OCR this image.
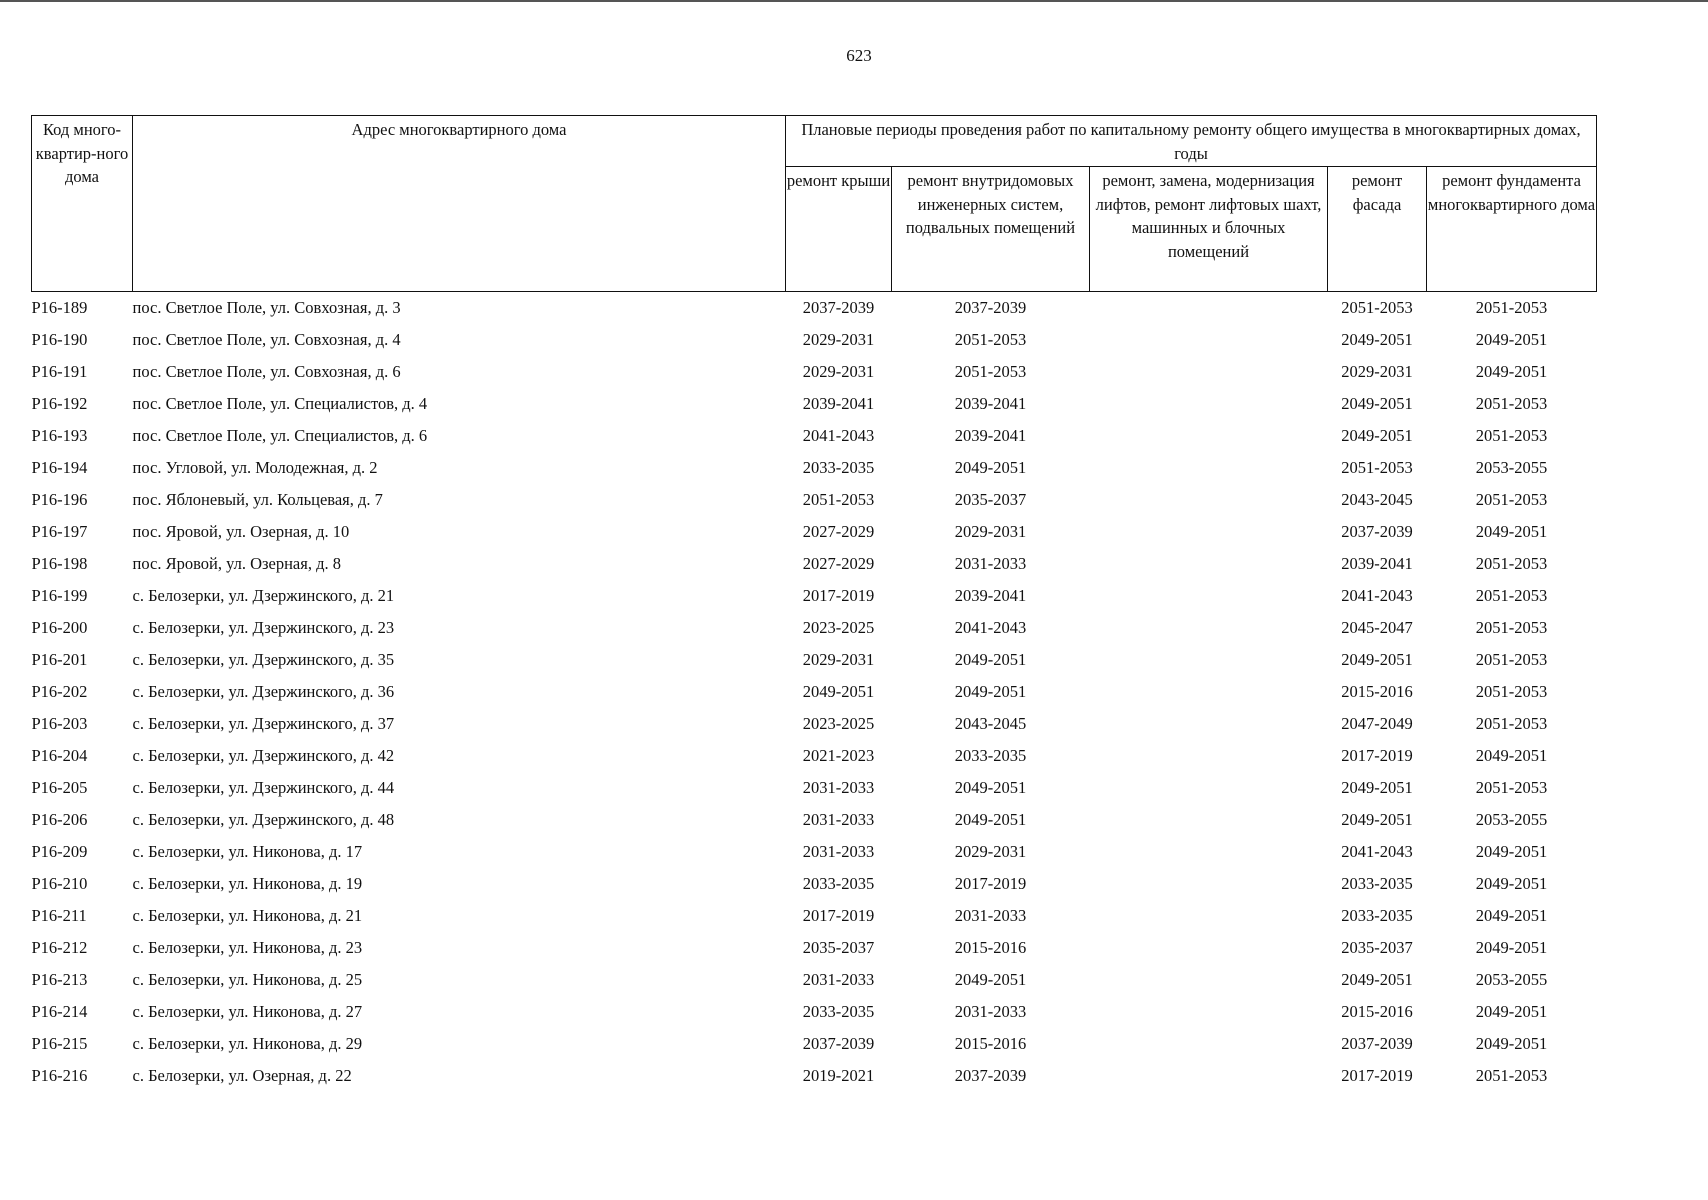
623
Код много-квартир-ного дома	Адрес многоквартирного дома	Плановые периоды проведения работ по капитальному ремонту общего имущества в многоквартирных домах, годы				
		ремонт крыши	ремонт внутридомовых инженерных систем, подвальных помещений	ремонт, замена, модернизация лифтов, ремонт лифтовых шахт, машинных и блочных помещений	ремонт фасада	ремонт фундамента многоквартирного дома
Р16-189	пос. Светлое Поле, ул. Совхозная, д. 3	2037-2039	2037-2039		2051-2053	2051-2053
Р16-190	пос. Светлое Поле, ул. Совхозная, д. 4	2029-2031	2051-2053		2049-2051	2049-2051
Р16-191	пос. Светлое Поле, ул. Совхозная, д. 6	2029-2031	2051-2053		2029-2031	2049-2051
Р16-192	пос. Светлое Поле, ул. Специалистов, д. 4	2039-2041	2039-2041		2049-2051	2051-2053
Р16-193	пос. Светлое Поле, ул. Специалистов, д. 6	2041-2043	2039-2041		2049-2051	2051-2053
Р16-194	пос. Угловой, ул. Молодежная, д. 2	2033-2035	2049-2051		2051-2053	2053-2055
Р16-196	пос. Яблоневый, ул. Кольцевая, д. 7	2051-2053	2035-2037		2043-2045	2051-2053
Р16-197	пос. Яровой, ул. Озерная, д. 10	2027-2029	2029-2031		2037-2039	2049-2051
Р16-198	пос. Яровой, ул. Озерная, д. 8	2027-2029	2031-2033		2039-2041	2051-2053
Р16-199	с. Белозерки, ул. Дзержинского, д. 21	2017-2019	2039-2041		2041-2043	2051-2053
Р16-200	с. Белозерки, ул. Дзержинского, д. 23	2023-2025	2041-2043		2045-2047	2051-2053
Р16-201	с. Белозерки, ул. Дзержинского, д. 35	2029-2031	2049-2051		2049-2051	2051-2053
Р16-202	с. Белозерки, ул. Дзержинского, д. 36	2049-2051	2049-2051		2015-2016	2051-2053
Р16-203	с. Белозерки, ул. Дзержинского, д. 37	2023-2025	2043-2045		2047-2049	2051-2053
Р16-204	с. Белозерки, ул. Дзержинского, д. 42	2021-2023	2033-2035		2017-2019	2049-2051
Р16-205	с. Белозерки, ул. Дзержинского, д. 44	2031-2033	2049-2051		2049-2051	2051-2053
Р16-206	с. Белозерки, ул. Дзержинского, д. 48	2031-2033	2049-2051		2049-2051	2053-2055
Р16-209	с. Белозерки, ул. Никонова, д. 17	2031-2033	2029-2031		2041-2043	2049-2051
Р16-210	с. Белозерки, ул. Никонова, д. 19	2033-2035	2017-2019		2033-2035	2049-2051
Р16-211	с. Белозерки, ул. Никонова, д. 21	2017-2019	2031-2033		2033-2035	2049-2051
Р16-212	с. Белозерки, ул. Никонова, д. 23	2035-2037	2015-2016		2035-2037	2049-2051
Р16-213	с. Белозерки, ул. Никонова, д. 25	2031-2033	2049-2051		2049-2051	2053-2055
Р16-214	с. Белозерки, ул. Никонова, д. 27	2033-2035	2031-2033		2015-2016	2049-2051
Р16-215	с. Белозерки, ул. Никонова, д. 29	2037-2039	2015-2016		2037-2039	2049-2051
Р16-216	с. Белозерки, ул. Озерная, д. 22	2019-2021	2037-2039		2017-2019	2051-2053
